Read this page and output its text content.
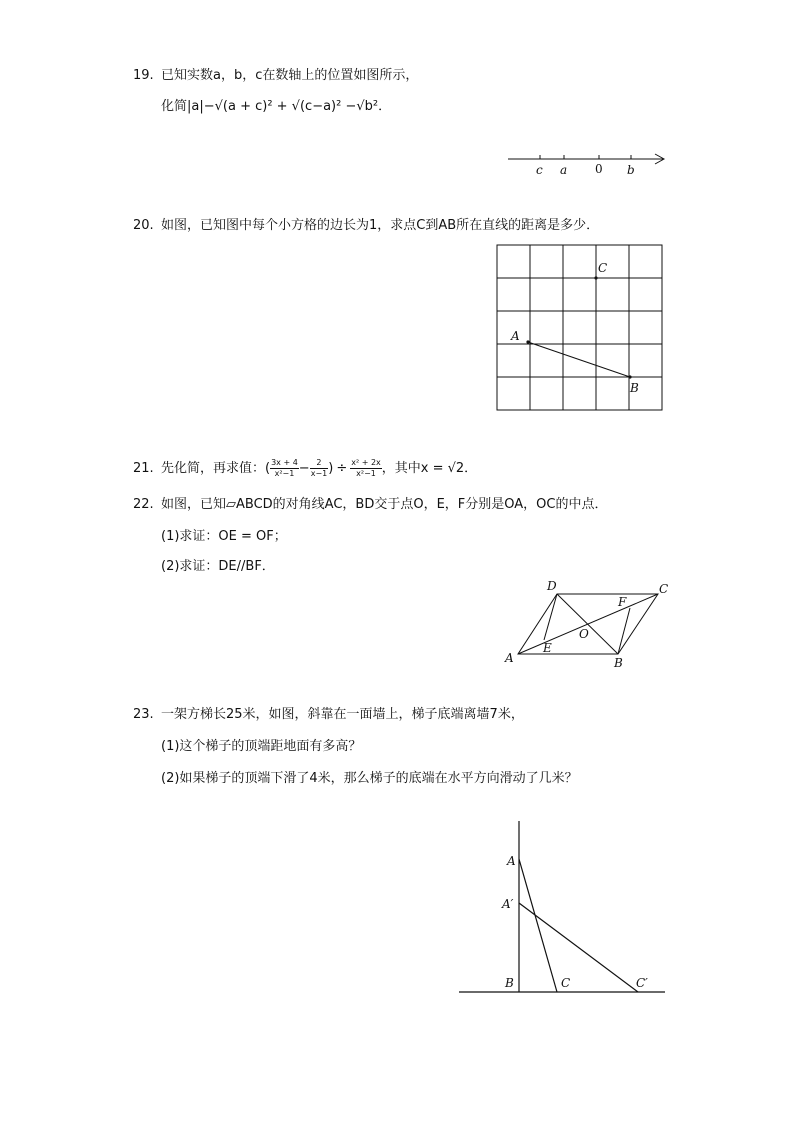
19. 已知实数a，b，c在数轴上的位置如图所示，
化简|a|−√(a + c)² + √(c−a)² −√b²．
c a 0 b
20. 如图，已知图中每个小方格的边长为1，求点C到AB所在直线的距离是多少．
C
A
B
21. 先化简，再求值：( $\frac{3x + 4}{\text{x²−1}} - \frac{2}{x-1}$ ) ÷ $\frac{\text{x² + 2x}}{\text{x²−1}}$ ，其中x = √2．
22. 如图，已知▱ABCD的对角线AC，BD交于点O，E，F分别是OA，OC的中点．
(1)求证：OE = OF；
(2)求证：DE//BF．
D	C
F
O
A
E
B
23. 一架方梯长25米，如图，斜靠在一面墙上，梯子底端离墙7米，
(1)这个梯子的顶端距地面有多高？
(2)如果梯子的顶端下滑了4米，那么梯子的底端在水平方向滑动了几米？
A
A′
B	C	C′
